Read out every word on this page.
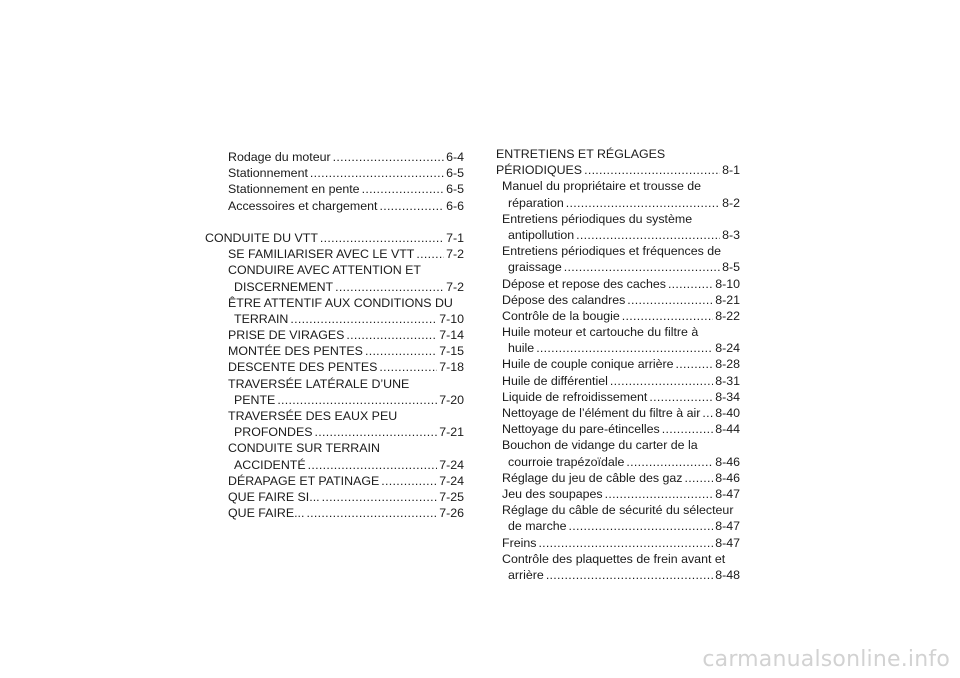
Rodage du moteur .....	6-4
Stationnement .....	6-5
Stationnement en pente .....	6-5
Accessoires et chargement .....	6-6
CONDUITE DU VTT .....	7-1
SE FAMILIARISER AVEC LE VTT .....	7-2
CONDUIRE AVEC ATTENTION ET
DISCERNEMENT .....	7-2
ÊTRE ATTENTIF AUX CONDITIONS DU
TERRAIN .....	7-10
PRISE DE VIRAGES .....	7-14
MONTÉE DES PENTES .....	7-15
DESCENTE DES PENTES .....	7-18
TRAVERSÉE LATÉRALE D’UNE
PENTE .....	7-20
TRAVERSÉE DES EAUX PEU
PROFONDES .....	7-21
CONDUITE SUR TERRAIN
ACCIDENTÉ .....	7-24
DÉRAPAGE ET PATINAGE .....	7-24
QUE FAIRE SI... .....	7-25
QUE FAIRE... .....	7-26
ENTRETIENS ET RÉGLAGES
PÉRIODIQUES .....	8-1
Manuel du propriétaire et trousse de
réparation .....	8-2
Entretiens périodiques du système
antipollution .....	8-3
Entretiens périodiques et fréquences de
graissage .....	8-5
Dépose et repose des caches .....	8-10
Dépose des calandres .....	8-21
Contrôle de la bougie .....	8-22
Huile moteur et cartouche du filtre à
huile .....	8-24
Huile de couple conique arrière .....	8-28
Huile de différentiel .....	8-31
Liquide de refroidissement .....	8-34
Nettoyage de l’élément du filtre à air ..... 8-40
Nettoyage du pare-étincelles .....	8-44
Bouchon de vidange du carter de la
courroie trapézoïdale .....	8-46
Réglage du jeu de câble des gaz .....	8-46
Jeu des soupapes .....	8-47
Réglage du câble de sécurité du sélecteur
de marche .....	8-47
Freins .....	8-47
Contrôle des plaquettes de frein avant et
arrière .....	8-48
carmanualsonline.info
